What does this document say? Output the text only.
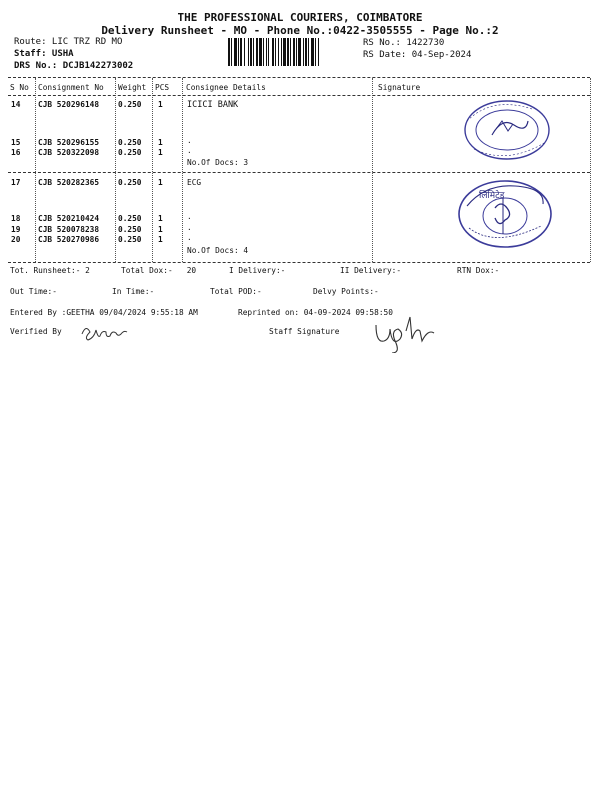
THE PROFESSIONAL COURIERS, COIMBATORE
Delivery Runsheet - MO - Phone No.:0422-3505555 - Page No.:2
Route: LIC TRZ RD MO
Staff: USHA
DRS No.: DCJB142273002
RS No.: 1422730
RS Date: 04-Sep-2024
S No Consignment No Weight PCS Consignee Details	Signature
14 CJB 520296148 0.250 1	ICICI BANK
15 CJB 520296155 0.250 1	.
16 CJB 520322098 0.250 1	.
No.Of Docs: 3
17 CJB 520282365 0.250 1	ECG
18 CJB 520210424 0.250 1	.
19 CJB 520078238 0.250 1	.
20 CJB 520270986 0.250 1	.
No.Of Docs: 4
लिमिटेड
Tot. Runsheet:- 2	Total Dox:-   20	I Delivery:-	II Delivery:-	RTN Dox:-
Out Time:-	In Time:-	Total POD:-	Delvy Points:-
Entered By :GEETHA 09/04/2024 9:55:18 AM	Reprinted on: 04-09-2024 09:58:50
Verified By	Staff Signature
